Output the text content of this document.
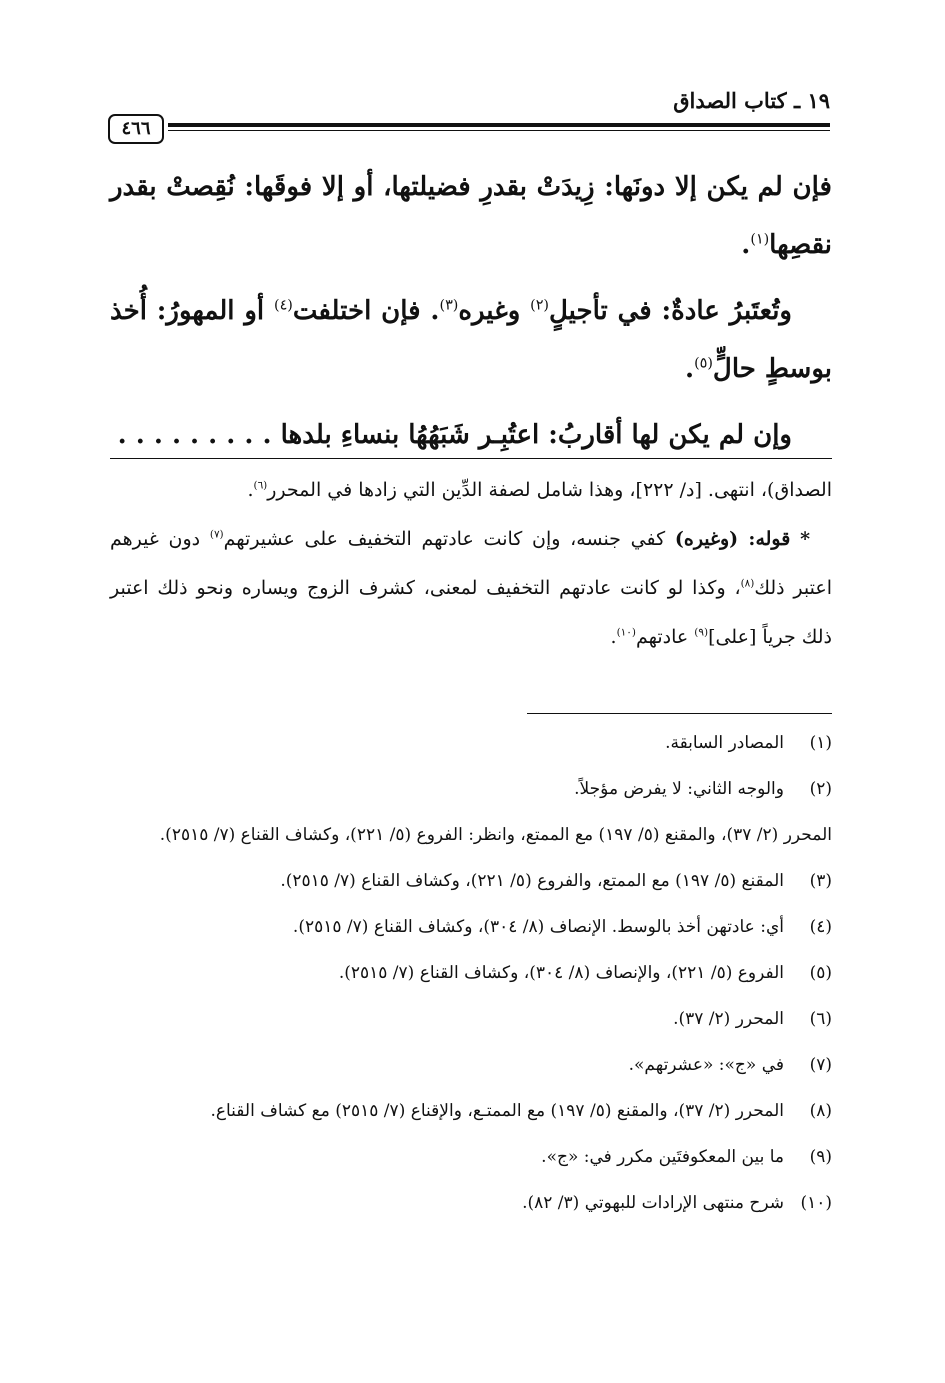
١٩ ـ كتاب الصداق
٤٦٦

فإن لم يكن إلا دونَها: زِيدَتْ بقدرِ فضيلتها، أو إلا فوقَها: نُقِصتْ بقدر نقصِها$^{(١)}$.

وتُعتَبرُ عادةٌ: في تأجيلٍ$^{(٢)}$ وغيره$^{(٣)}$. فإن اختلفت$^{(٤)}$ أو المهورُ: أُخذ بوسطٍ حالٍّ$^{(٥)}$.

وإن لم يكن لها أقاربُ: اعتُبِـر شَبَهُهُا بنساءِ بلدها . . . . . . . . .

الصداق)، انتهى. [د/ ٢٢٢]، وهذا شامل لصفة الدِّين التي زادها في المحرر$^{(٦)}$.

* قوله: (وغيره) كفي جنسه، وإن كانت عادتهم التخفيف على عشيرتهم$^{(٧)}$ دون غيرهم اعتبر ذلك$^{(٨)}$، وكذا لو كانت عادتهم التخفيف لمعنى، كشرف الزوج ويساره ونحو ذلك اعتبر ذلك جرياً [على]$^{(٩)}$ عادتهم$^{(١٠)}$.

(١)
المصادر السابقة.
(٢)
والوجه الثاني: لا يفرض مؤجلاً.
المحرر (٢/ ٣٧)، والمقنع (٥/ ١٩٧) مع الممتع، وانظر: الفروع (٥/ ٢٢١)، وكشاف القناع (٧/ ٢٥١٥).
(٣)
المقنع (٥/ ١٩٧) مع الممتع، والفروع (٥/ ٢٢١)، وكشاف القناع (٧/ ٢٥١٥).
(٤)
أي: عادتهن أخذ بالوسط. الإنصاف (٨/ ٣٠٤)، وكشاف القناع (٧/ ٢٥١٥).
(٥)
الفروع (٥/ ٢٢١)، والإنصاف (٨/ ٣٠٤)، وكشاف القناع (٧/ ٢٥١٥).
(٦)
المحرر (٢/ ٣٧).
(٧)
في «ج»: «عشرتهم».
(٨)
المحرر (٢/ ٣٧)، والمقنع (٥/ ١٩٧) مع الممتـع، والإقناع (٧/ ٢٥١٥) مع كشاف القناع.
(٩)
ما بين المعكوفتَين مكرر في: «ج».
(١٠)
شرح منتهى الإرادات للبهوتي (٣/ ٨٢).
